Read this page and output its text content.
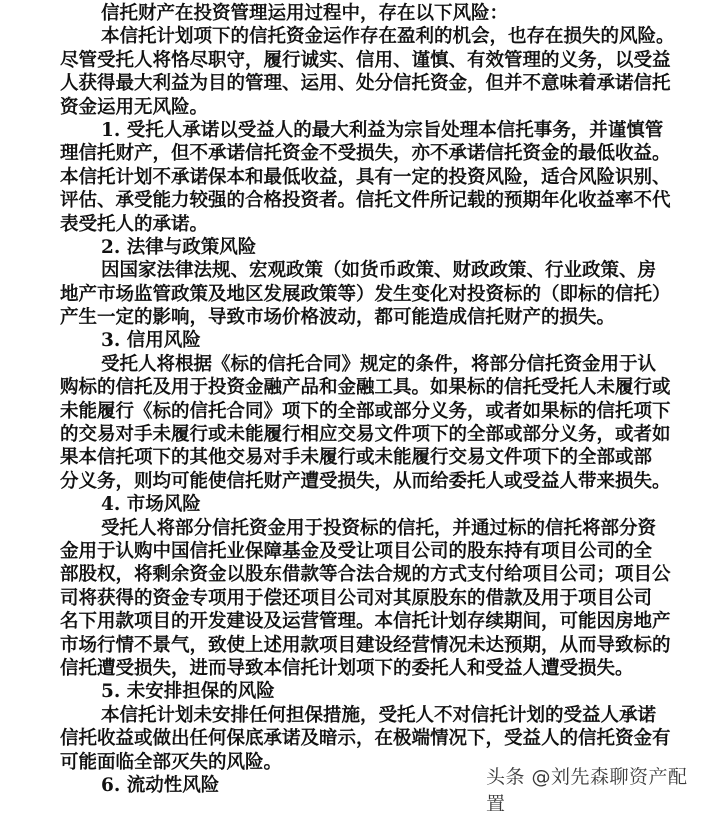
信托财产在投资管理运用过程中，存在以下风险：
本信托计划项下的信托资金运作存在盈利的机会，也存在损失的风险。
尽管受托人将恪尽职守，履行诚实、信用、谨慎、有效管理的义务，以受益
人获得最大利益为目的管理、运用、处分信托资金，但并不意味着承诺信托
资金运用无风险。
1. 受托人承诺以受益人的最大利益为宗旨处理本信托事务，并谨慎管
理信托财产，但不承诺信托资金不受损失，亦不承诺信托资金的最低收益。
本信托计划不承诺保本和最低收益，具有一定的投资风险，适合风险识别、
评估、承受能力较强的合格投资者。信托文件所记载的预期年化收益率不代
表受托人的承诺。
2. 法律与政策风险
因国家法律法规、宏观政策（如货币政策、财政政策、行业政策、房
地产市场监管政策及地区发展政策等）发生变化对投资标的（即标的信托）
产生一定的影响，导致市场价格波动，都可能造成信托财产的损失。
3. 信用风险
受托人将根据《标的信托合同》规定的条件，将部分信托资金用于认
购标的信托及用于投资金融产品和金融工具。如果标的信托受托人未履行或
未能履行《标的信托合同》项下的全部或部分义务，或者如果标的信托项下
的交易对手未履行或未能履行相应交易文件项下的全部或部分义务，或者如
果本信托项下的其他交易对手未履行或未能履行交易文件项下的全部或部
分义务，则均可能使信托财产遭受损失，从而给委托人或受益人带来损失。
4. 市场风险
受托人将部分信托资金用于投资标的信托，并通过标的信托将部分资
金用于认购中国信托业保障基金及受让项目公司的股东持有项目公司的全
部股权，将剩余资金以股东借款等合法合规的方式支付给项目公司；项目公
司将获得的资金专项用于偿还项目公司对其原股东的借款及用于项目公司
名下用款项目的开发建设及运营管理。本信托计划存续期间，可能因房地产
市场行情不景气，致使上述用款项目建设经营情况未达预期，从而导致标的
信托遭受损失，进而导致本信托计划项下的委托人和受益人遭受损失。
5. 未安排担保的风险
本信托计划未安排任何担保措施，受托人不对信托计划的受益人承诺
信托收益或做出任何保底承诺及暗示，在极端情况下，受益人的信托资金有
可能面临全部灭失的风险。
6. 流动性风险	头条 @刘先森聊资产配置
